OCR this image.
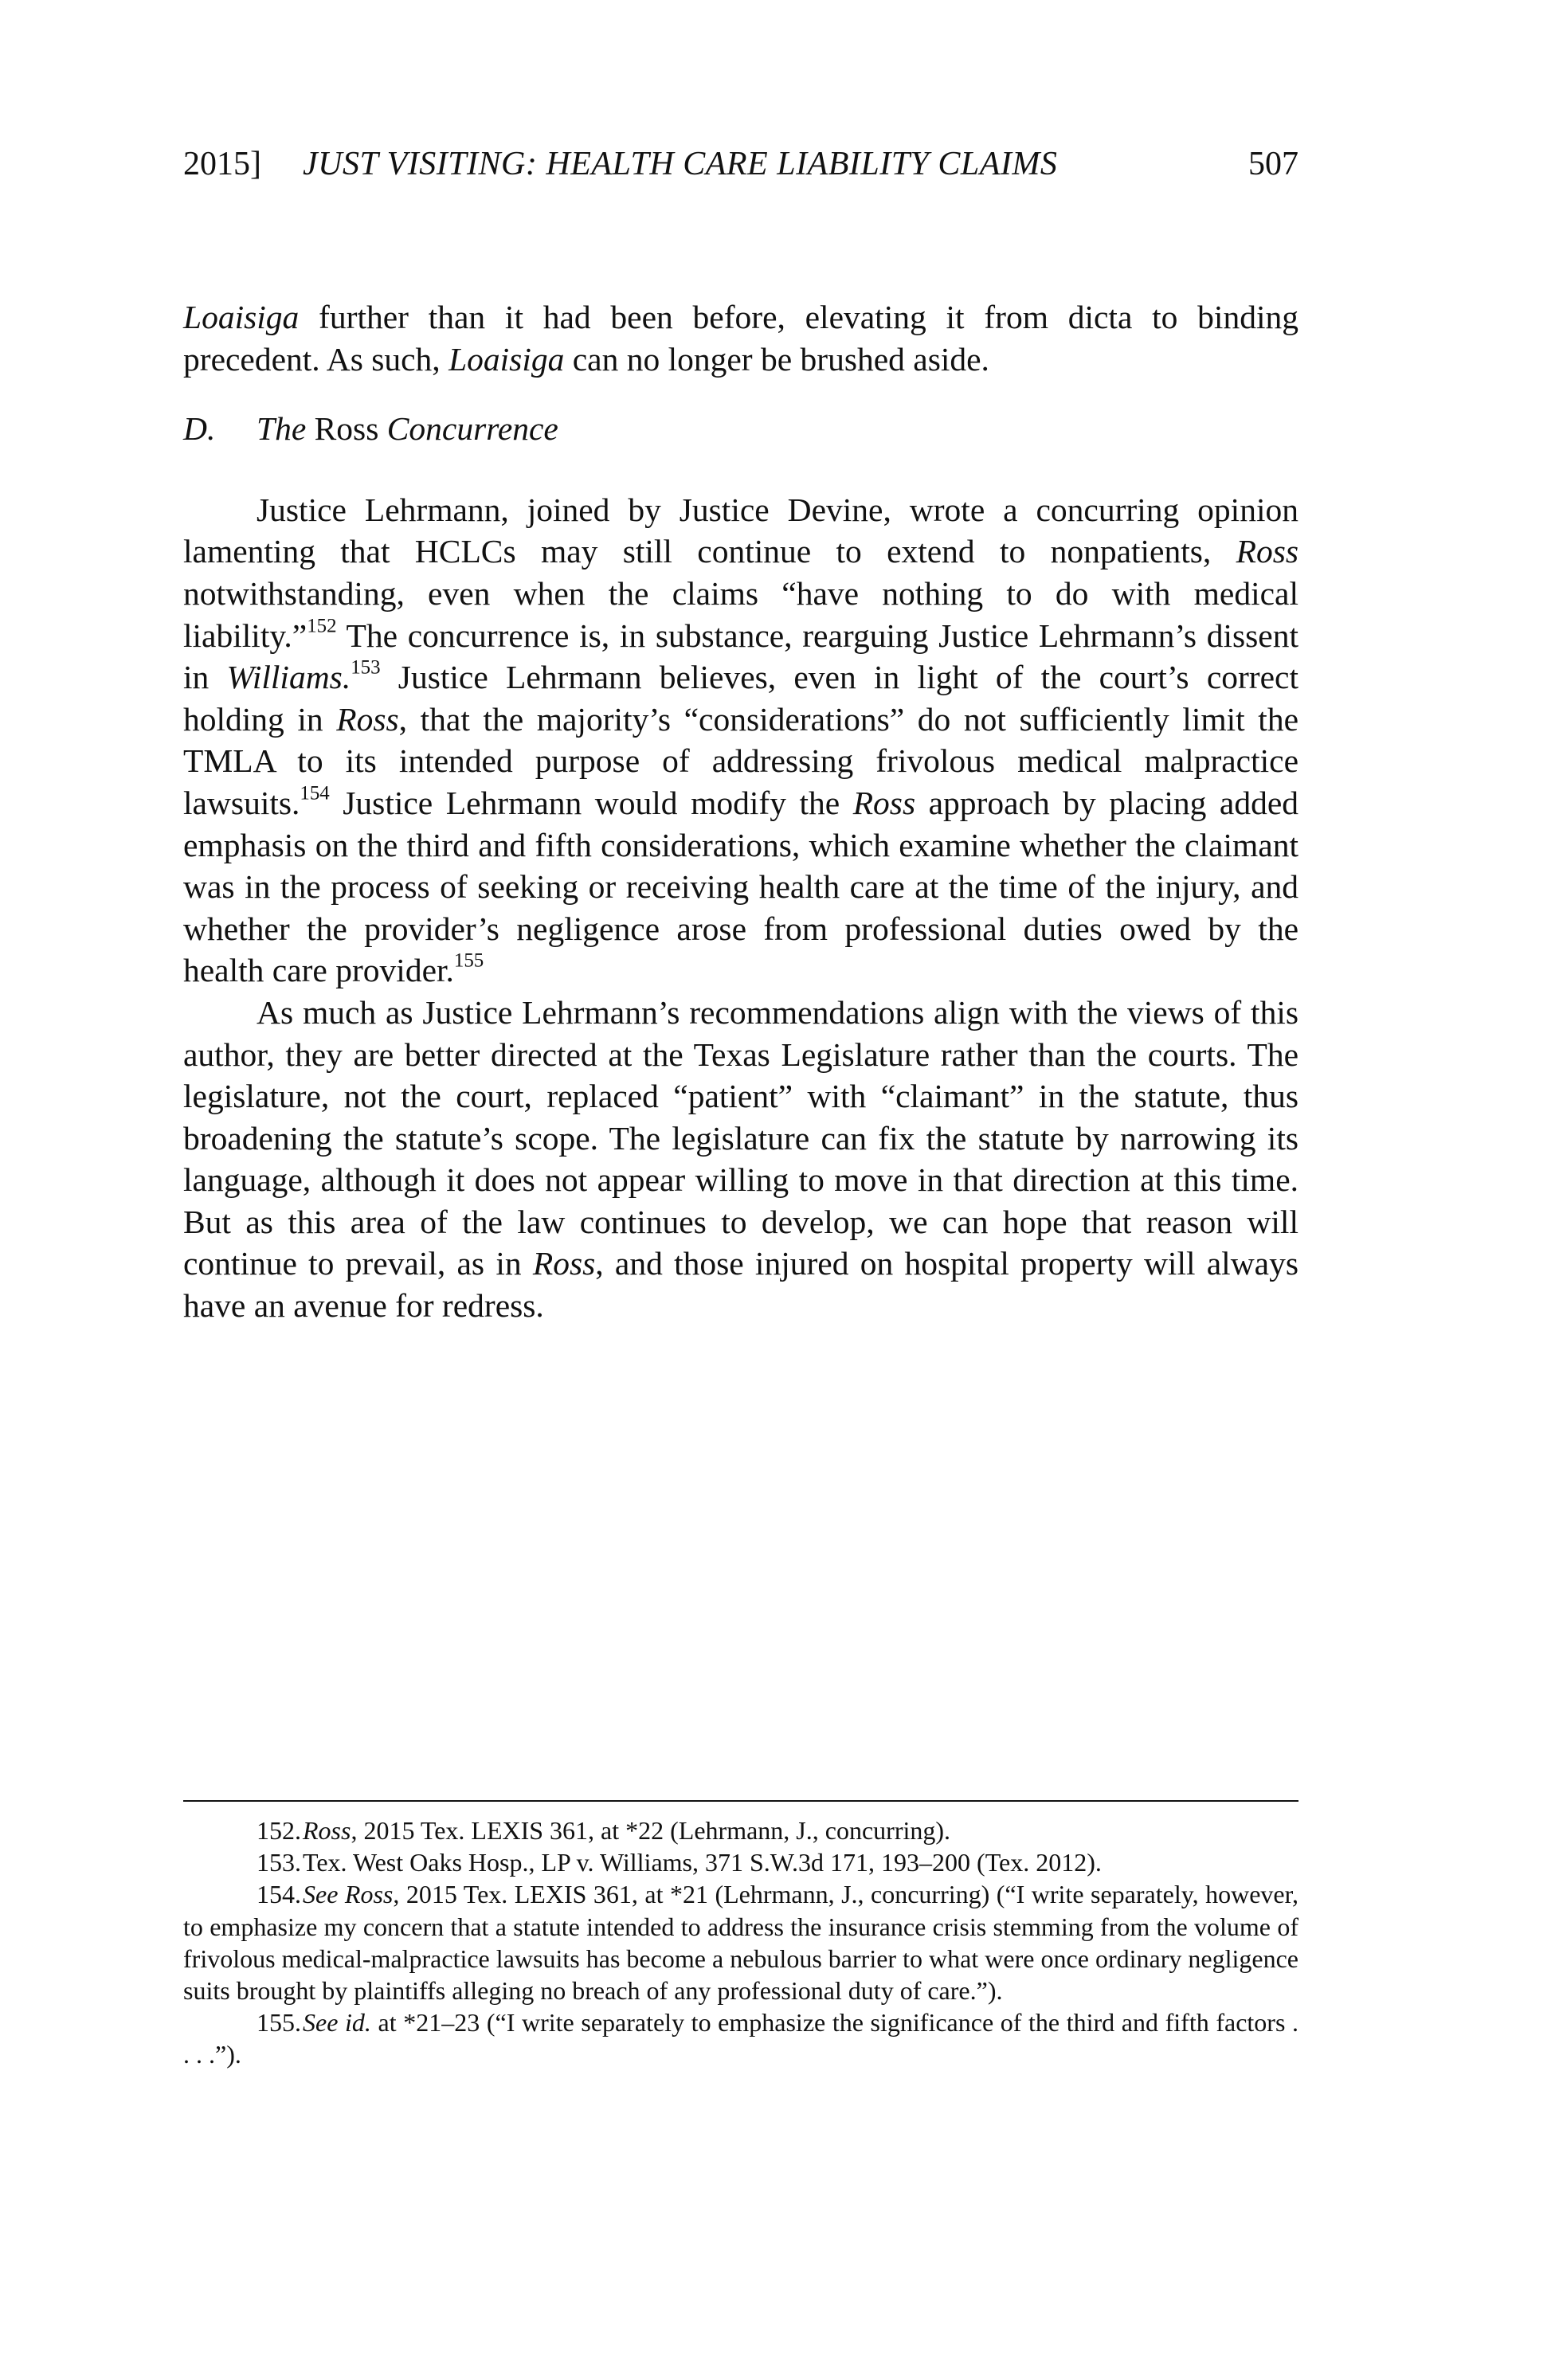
2015] JUST VISITING: HEALTH CARE LIABILITY CLAIMS	507

Loaisiga further than it had been before, elevating it from dicta to binding precedent. As such, Loaisiga can no longer be brushed aside.

D. The Ross Concurrence

Justice Lehrmann, joined by Justice Devine, wrote a concurring opinion lamenting that HCLCs may still continue to extend to nonpatients, Ross notwithstanding, even when the claims “have nothing to do with medical liability.”$^{152}$ The concurrence is, in substance, rearguing Justice Lehrmann’s dissent in Williams.$^{153}$ Justice Lehrmann believes, even in light of the court’s correct holding in Ross, that the majority’s “considerations” do not sufficiently limit the TMLA to its intended purpose of addressing frivolous medical malpractice lawsuits.$^{154}$ Justice Lehrmann would modify the Ross approach by placing added emphasis on the third and fifth considerations, which examine whether the claimant was in the process of seeking or receiving health care at the time of the injury, and whether the provider’s negligence arose from professional duties owed by the health care provider.$^{155}$

As much as Justice Lehrmann’s recommendations align with the views of this author, they are better directed at the Texas Legislature rather than the courts. The legislature, not the court, replaced “patient” with “claimant” in the statute, thus broadening the statute’s scope. The legislature can fix the statute by narrowing its language, although it does not appear willing to move in that direction at this time. But as this area of the law continues to develop, we can hope that reason will continue to prevail, as in Ross, and those injured on hospital property will always have an avenue for redress.

152.Ross, 2015 Tex. LEXIS 361, at *22 (Lehrmann, J., concurring).

153.Tex. West Oaks Hosp., LP v. Williams, 371 S.W.3d 171, 193–200 (Tex. 2012).

154.See Ross, 2015 Tex. LEXIS 361, at *21 (Lehrmann, J., concurring) (“I write separately, however, to emphasize my concern that a statute intended to address the insurance crisis stemming from the volume of frivolous medical-malpractice lawsuits has become a nebulous barrier to what were once ordinary negligence suits brought by plaintiffs alleging no breach of any professional duty of care.”).

155.See id. at *21–23 (“I write separately to emphasize the significance of the third and fifth factors . . . .”).
